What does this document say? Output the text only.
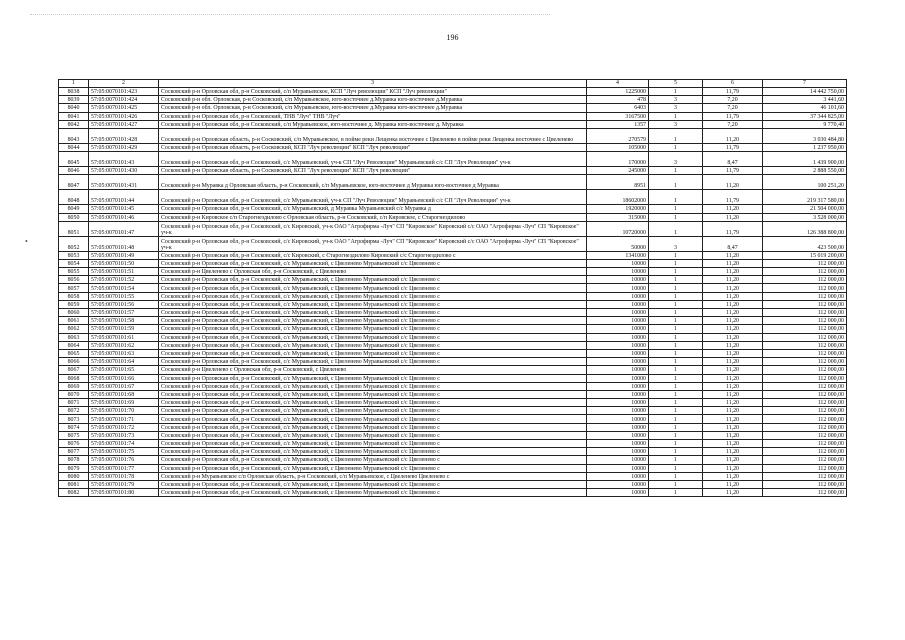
196
•
1	2	3	4	5	6	7
8038	57:05:0070101:423	Сосковский р-н Орловская обл, р-н Сосковский, с/п Муравьевское, КСП "Луч революции" КСП "Луч революции"	1225000	1	11,79	14 442 750,00
8039	57:05:0070101:424	Сосковский р-н обл. Орловская, р-н Сосковский, с/п Муравьевское, юго-восточнее д.Муравка юго-восточнее д.Муравка	478	3	7,20	3 441,60
8040	57:05:0070101:425	Сосковский р-н обл. Орловская, р-н Сосковский, с/п Муравьевское, юго-восточнее д.Муравка юго-восточнее д.Муравка	6403	3	7,20	46 101,60
8041	57:05:0070101:426	Сосковский р-н Орловская обл, р-н Сосковский, ТНВ "Луч" ТНВ "Луч"	3167500	1	11,79	37 344 825,00
8042	57:05:0070101:427	Сосковский р-н Орловская обл, р-н Сосковский, с/п Муравьевское, юго-восточнее д. Муравка юго-восточнее д. Муравка	1357	3	7,20	9 770,40
8043	57:05:0070101:428	Сосковский р-н Орловская область, р-н Сосковский, с/п Муравьевское, в пойме реки Лещенка восточнее с Цвеленево в пойме реки Лещенка восточнее с Цвеленево	270579	1	11,20	3 030 484,80
8044	57:05:0070101:429	Сосковский р-н Орловская область, р-н Сосковский, КСП "Луч революции" КСП "Луч революции"	105000	1	11,79	1 237 950,00
8045	57:05:0070101:43	Сосковский р-н Орловская обл, р-н Сосковский, с/с Муравьевский, уч-к СП "Луч Революции" Муравьевский с/с СП "Луч Революции" уч-к	170000	3	8,47	1 439 900,00
8046	57:05:0070101:430	Сосковский р-н Орловская область, р-н Сосковский, КСП "Луч революции" КСП "Луч революции"	245000	1	11,79	2 888 550,00
8047	57:05:0070101:431	Сосковский р-н Муравка д Орловская область, р-н Сосковский, с/п Муравьевское, юго-восточнее д Муравка юго-восточнее д Муравка	8951	1	11,20	100 251,20
8048	57:05:0070101:44	Сосковский р-н Орловская обл, р-н Сосковский, с/с Муравьевский, уч-к СП "Луч Революции" Муравьевский с/с СП "Луч Революции" уч-к	18602000	1	11,79	219 317 580,00
8049	57:05:0070101:45	Сосковский р-н Орловская обл, р-н Сосковский, с/с Муравьевский, д Муравка Муравьевский с/с Муравка д	1920000	1	11,20	21 504 000,00
8050	57:05:0070101:46	Сосковский р-н Кировское с/п Старогнездилово с Орловская область, р-н Сосковский, с/п Кировское, с Старогнездилово	315000	1	11,20	3 528 000,00
8051	57:05:0070101:47	Сосковский р-н Орловская обл, р-н Сосковский, с/с Кировский, уч-к ОАО "Агрофирма -Луч" СП "Кировское" Кировский с/с ОАО "Агрофирма -Луч" СП "Кировское" уч-к	10720000	1	11,79	126 388 800,00
8052	57:05:0070101:48	Сосковский р-н Орловская обл, р-н Сосковский, с/с Кировский, уч-к ОАО "Агрофирма -Луч" СП "Кировское" Кировский с/с ОАО "Агрофирма -Луч" СП "Кировское" уч-к	50000	3	8,47	423 500,00
8053	57:05:0070101:49	Сосковский р-н Орловская обл, р-н Сосковский, с/с Кировский, с Старогнездилово Кировский с/с Старогнездилово с	1341000	1	11,20	15 019 200,00
8054	57:05:0070101:50	Сосковский р-н Орловская обл, р-н Сосковский, с/с Муравьевский, с Цвеленево Муравьевский с/с Цвеленево с	10000	1	11,20	112 000,00
8055	57:05:0070101:51	Сосковский р-н Цвеленево с Орловская обл, р-н Сосковский, с Цвеленево	10000	1	11,20	112 000,00
8056	57:05:0070101:52	Сосковский р-н Орловская обл, р-н Сосковский, с/с Муравьевский, с Цвеленево Муравьевский с/с Цвеленево с	10000	1	11,20	112 000,00
8057	57:05:0070101:54	Сосковский р-н Орловская обл, р-н Сосковский, с/с Муравьевский, с Цвеленево Муравьевский с/с Цвеленево с	10000	1	11,20	112 000,00
8058	57:05:0070101:55	Сосковский р-н Орловская обл, р-н Сосковский, с/с Муравьевский, с Цвеленево Муравьевский с/с Цвеленево с	10000	1	11,20	112 000,00
8059	57:05:0070101:56	Сосковский р-н Орловская обл, р-н Сосковский, с/с Муравьевский, с Цвеленево Муравьевский с/с Цвеленево с	10000	1	11,20	112 000,00
8060	57:05:0070101:57	Сосковский р-н Орловская обл, р-н Сосковский, с/с Муравьевский, с Цвеленево Муравьевский с/с Цвеленево с	10000	1	11,20	112 000,00
8061	57:05:0070101:58	Сосковский р-н Орловская обл, р-н Сосковский, с/с Муравьевский, с Цвеленево Муравьевский с/с Цвеленево с	10000	1	11,20	112 000,00
8062	57:05:0070101:59	Сосковский р-н Орловская обл, р-н Сосковский, с/с Муравьевский, с Цвеленево Муравьевский с/с Цвеленево с	10000	1	11,20	112 000,00
8063	57:05:0070101:61	Сосковский р-н Орловская обл, р-н Сосковский, с/с Муравьевский, с Цвеленево Муравьевский с/с Цвеленево с	10000	1	11,20	112 000,00
8064	57:05:0070101:62	Сосковский р-н Орловская обл, р-н Сосковский, с/с Муравьевский, с Цвеленево Муравьевский с/с Цвеленево с	10000	1	11,20	112 000,00
8065	57:05:0070101:63	Сосковский р-н Орловская обл, р-н Сосковский, с/с Муравьевский, с Цвеленево Муравьевский с/с Цвеленево с	10000	1	11,20	112 000,00
8066	57:05:0070101:64	Сосковский р-н Орловская обл, р-н Сосковский, с/с Муравьевский, с Цвеленево Муравьевский с/с Цвеленево с	10000	1	11,20	112 000,00
8067	57:05:0070101:65	Сосковский р-н Цвеленево с Орловская обл, р-н Сосковский, с Цвеленево	10000	1	11,20	112 000,00
8068	57:05:0070101:66	Сосковский р-н Орловская обл, р-н Сосковский, с/с Муравьевский, с Цвеленево Муравьевский с/с Цвеленево с	10000	1	11,20	112 000,00
8069	57:05:0070101:67	Сосковский р-н Орловская обл, р-н Сосковский, с/с Муравьевский, с Цвеленево Муравьевский с/с Цвеленево с	10000	1	11,20	112 000,00
8070	57:05:0070101:68	Сосковский р-н Орловская обл, р-н Сосковский, с/с Муравьевский, с Цвеленево Муравьевский с/с Цвеленево с	10000	1	11,20	112 000,00
8071	57:05:0070101:69	Сосковский р-н Орловская обл, р-н Сосковский, с/с Муравьевский, с Цвеленево Муравьевский с/с Цвеленево с	10000	1	11,20	112 000,00
8072	57:05:0070101:70	Сосковский р-н Орловская обл, р-н Сосковский, с/с Муравьевский, с Цвеленево Муравьевский с/с Цвеленево с	10000	1	11,20	112 000,00
8073	57:05:0070101:71	Сосковский р-н Орловская обл, р-н Сосковский, с/с Муравьевский, с Цвеленево Муравьевский с/с Цвеленево с	10000	1	11,20	112 000,00
8074	57:05:0070101:72	Сосковский р-н Орловская обл, р-н Сосковский, с/с Муравьевский, с Цвеленево Муравьевский с/с Цвеленево с	10000	1	11,20	112 000,00
8075	57:05:0070101:73	Сосковский р-н Орловская обл, р-н Сосковский, с/с Муравьевский, с Цвеленево Муравьевский с/с Цвеленево с	10000	1	11,20	112 000,00
8076	57:05:0070101:74	Сосковский р-н Орловская обл, р-н Сосковский, с/с Муравьевский, с Цвеленево Муравьевский с/с Цвеленево с	10000	1	11,20	112 000,00
8077	57:05:0070101:75	Сосковский р-н Орловская обл, р-н Сосковский, с/с Муравьевский, с Цвеленево Муравьевский с/с Цвеленево с	10000	1	11,20	112 000,00
8078	57:05:0070101:76	Сосковский р-н Орловская обл, р-н Сосковский, с/с Муравьевский, с Цвеленево Муравьевский с/с Цвеленево с	10000	1	11,20	112 000,00
8079	57:05:0070101:77	Сосковский р-н Орловская обл, р-н Сосковский, с/с Муравьевский, с Цвеленево Муравьевский с/с Цвеленево с	10000	1	11,20	112 000,00
8080	57:05:0070101:78	Сосковский р-н Муравьевское с/п Орловская область, р-н Сосковский, с/п Муравьевское, с Цвеленево Цвеленево с	10000	1	11,20	112 000,00
8081	57:05:0070101:79	Сосковский р-н Орловская обл, р-н Сосковский, с/с Муравьевский, с Цвеленево Муравьевский с/с Цвеленево с	10000	1	11,20	112 000,00
8082	57:05:0070101:80	Сосковский р-н Орловская обл, р-н Сосковский, с/с Муравьевский, с Цвеленево Муравьевский с/с Цвеленево с	10000	1	11,20	112 000,00
